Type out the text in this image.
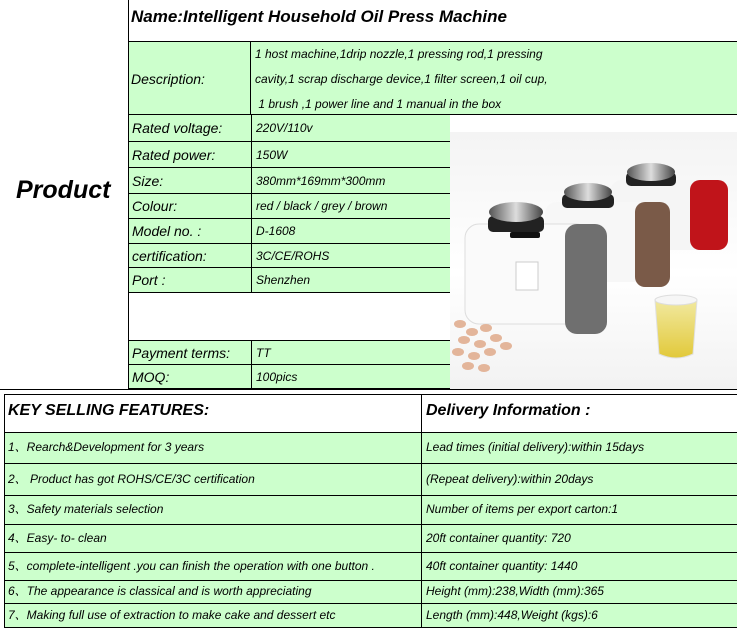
Name:Intelligent Household Oil Press Machine
Product
Description:
1 host machine,1drip nozzle,1 pressing rod,1 pressing
cavity,1 scrap discharge device,1 filter screen,1 oil cup,
1 brush ,1 power line and 1 manual in the box
Rated voltage:	220V/110v
Rated power:	150W
Size:	380mm*169mm*300mm
Colour:	red / black / grey / brown
Model no. :	D-1608
certification:	3C/CE/ROHS
Port :	Shenzhen
Payment terms:	TT
MOQ:	100pics
KEY SELLING FEATURES:	Delivery Information :
1、Rearch&Development for 3 years	Lead times (initial delivery):within 15days
2、 Product has got ROHS/CE/3C certification	(Repeat delivery):within 20days
3、Safety materials selection	Number of items per export carton:1
4、Easy- to- clean	20ft container quantity: 720
5、complete-intelligent .you can finish the operation with one button .	40ft container quantity: 1440
6、The appearance is classical and is worth appreciating	Height (mm):238,Width (mm):365
7、Making full use of extraction to make cake and dessert etc	Length (mm):448,Weight (kgs):6
